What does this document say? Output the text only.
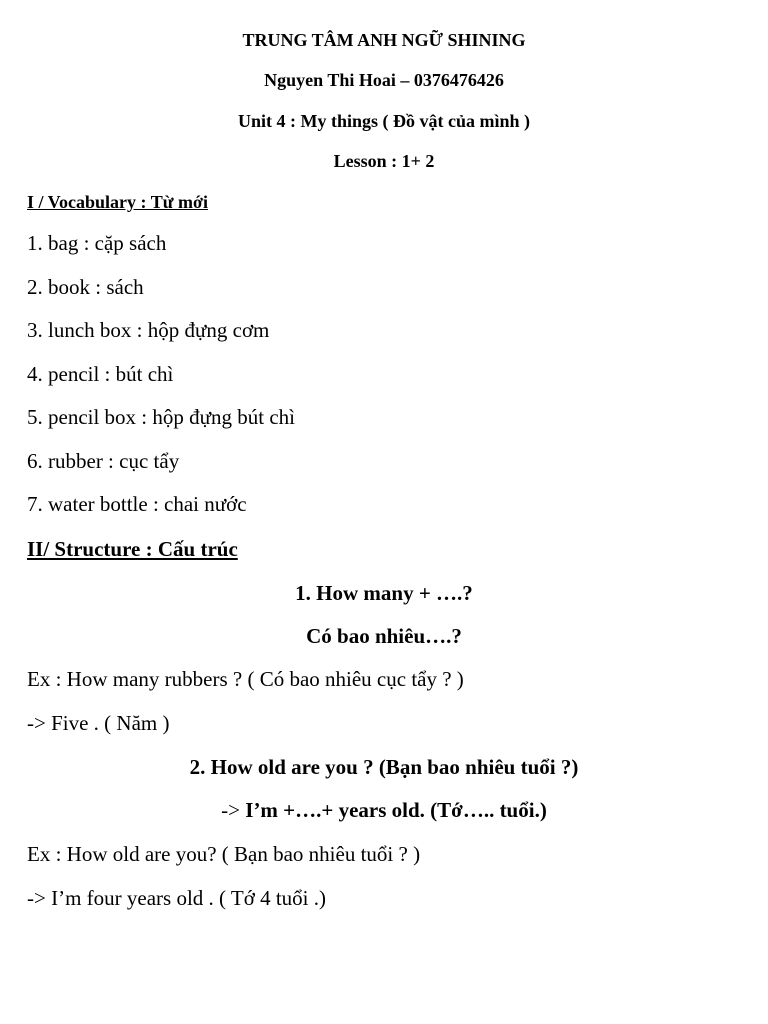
TRUNG TÂM ANH NGỮ SHINING
Nguyen Thi Hoai – 0376476426
Unit 4 : My things ( Đồ vật của mình )
Lesson : 1+ 2
I / Vocabulary : Từ mới
1. bag : cặp sách
2. book : sách
3. lunch box : hộp đựng cơm
4. pencil : bút chì
5. pencil box : hộp đựng bút chì
6. rubber : cục tẩy
7. water bottle : chai nước
II/ Structure : Cấu trúc
1. How many + ….?
Có bao nhiêu….?
Ex : How many rubbers ? ( Có bao nhiêu cục tẩy ? )
-> Five . ( Năm )
2. How old are you ? (Bạn bao nhiêu tuổi ?)
-> I’m +….+ years old. (Tớ….. tuổi.)
Ex : How old are you? ( Bạn bao nhiêu tuổi ? )
-> I’m four years old . ( Tớ 4 tuổi .)
